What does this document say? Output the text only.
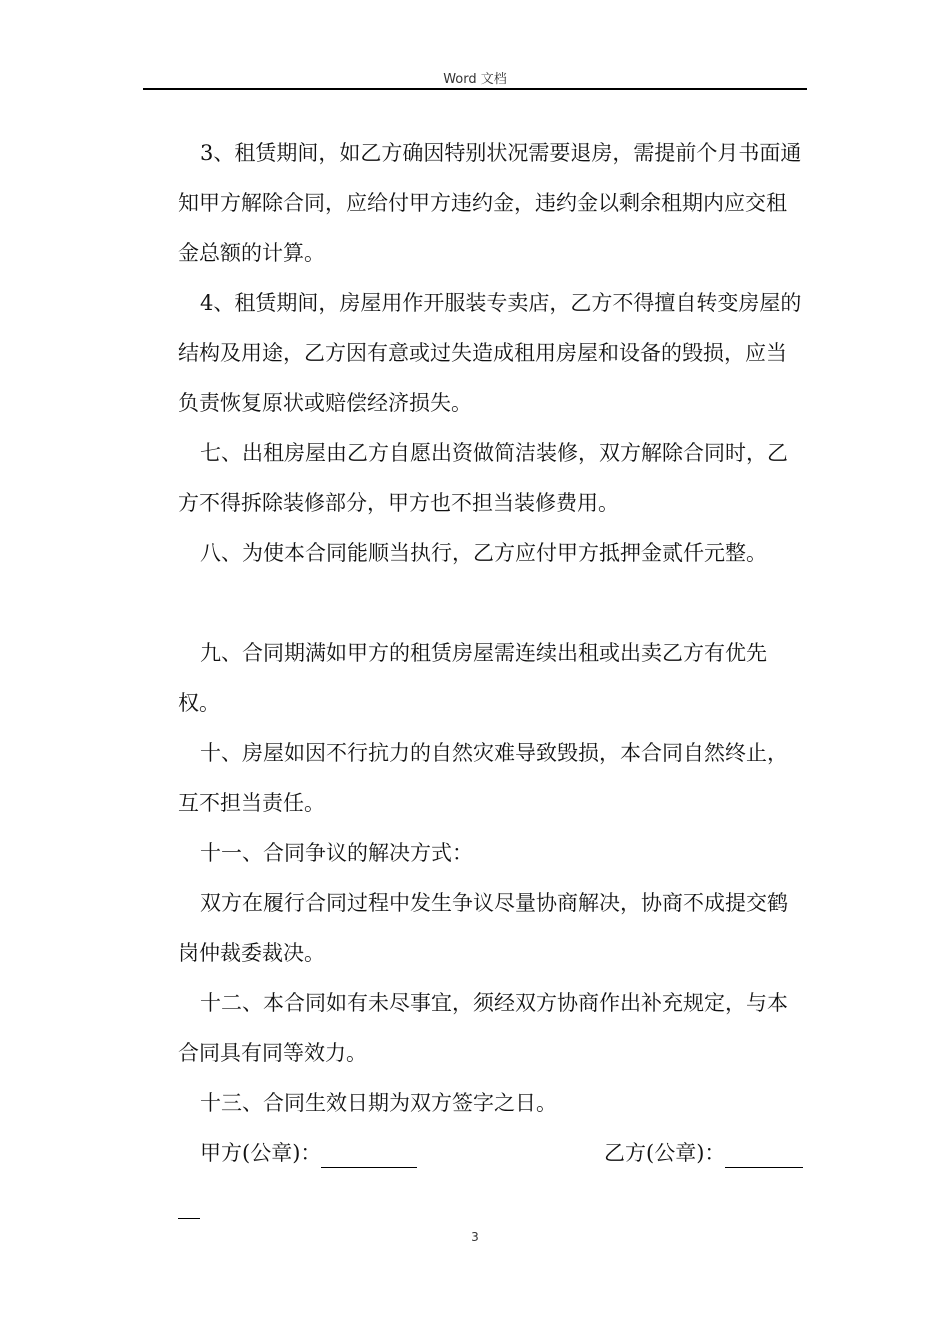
Word 文档

3、租赁期间，如乙方确因特别状况需要退房，需提前个月书面通知甲方解除合同，应给付甲方违约金，违约金以剩余租期内应交租金总额的计算。

4、租赁期间，房屋用作开服装专卖店，乙方不得擅自转变房屋的结构及用途，乙方因有意或过失造成租用房屋和设备的毁损，应当负责恢复原状或赔偿经济损失。

七、出租房屋由乙方自愿出资做简洁装修，双方解除合同时，乙方不得拆除装修部分，甲方也不担当装修费用。

八、为使本合同能顺当执行，乙方应付甲方抵押金贰仟元整。

九、合同期满如甲方的租赁房屋需连续出租或出卖乙方有优先权。

十、房屋如因不行抗力的自然灾难导致毁损，本合同自然终止，互不担当责任。

十一、合同争议的解决方式：

双方在履行合同过程中发生争议尽量协商解决，协商不成提交鹤岗仲裁委裁决。

十二、本合同如有未尽事宜，须经双方协商作出补充规定，与本合同具有同等效力。

十三、合同生效日期为双方签字之日。

甲方(公章)：	乙方(公章)：
3
